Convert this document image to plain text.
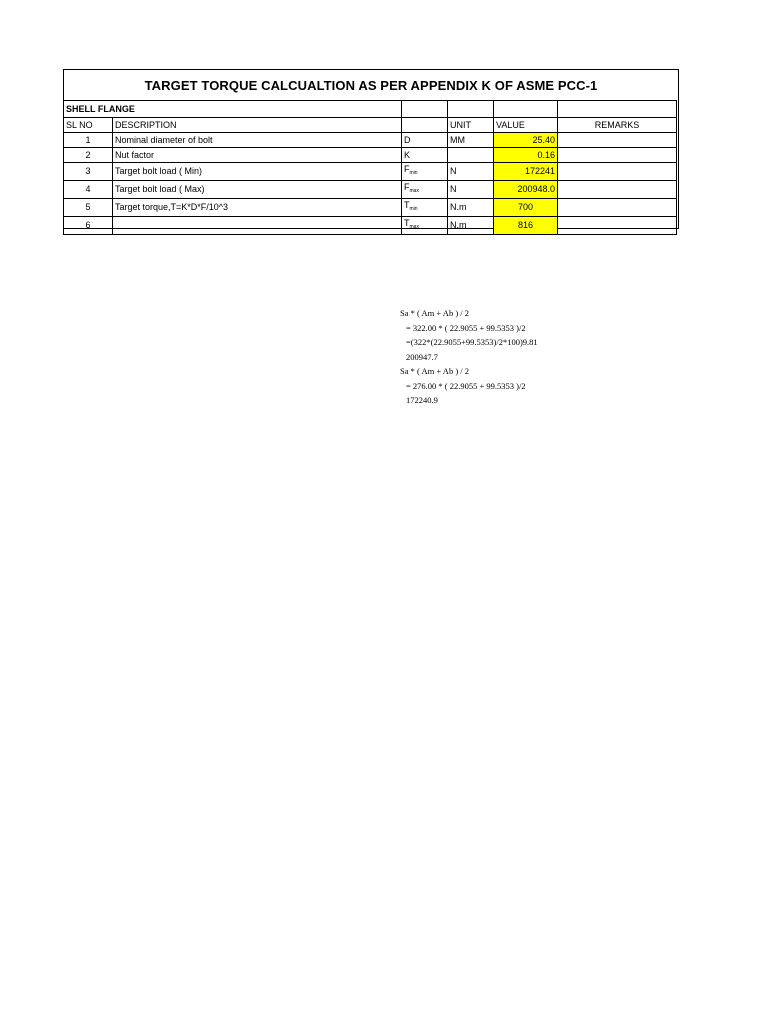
TARGET TORQUE CALCUALTION AS PER APPENDIX K OF ASME PCC-1
SHELL FLANGE					
SL NO	DESCRIPTION		UNIT	VALUE	REMARKS
1	Nominal diameter of bolt	D	MM	25.40	
2	Nut factor	K		0.16	
3	Target bolt load ( Min)	$F_{min}$	N	172241	
4	Target bolt load ( Max)	$F_{max}$	N	200948.0	
5	Target torque,T=K*D*F/10^3	$T_{min}$	N.m	700	
6		$T_{max}$	N.m	816	
Sa * ( Am + Ab ) / 2
= 322.00 * ( 22.9055 + 99.5353 )/2
=(322*(22.9055+99.5353)/2*100)9.81
200947.7
Sa * ( Am + Ab ) / 2
= 276.00 * ( 22.9055 + 99.5353 )/2
172240.9
